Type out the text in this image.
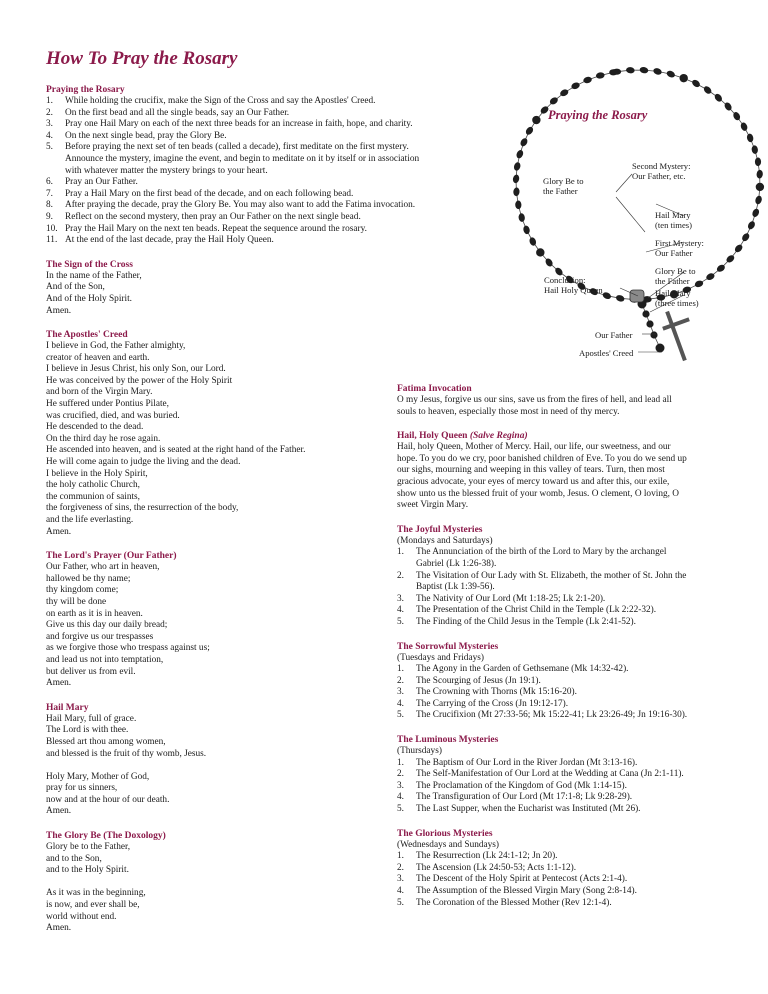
How To Pray the Rosary
Praying the Rosary
1.	While holding the crucifix, make the Sign of the Cross and say the Apostles' Creed.
2.	On the first bead and all the single beads, say an Our Father.
3.	Pray one Hail Mary on each of the next three beads for an increase in faith, hope, and charity.
4.	On the next single bead, pray the Glory Be.
5.	Before praying the next set of ten beads (called a decade), first meditate on the first mystery.
Announce the mystery, imagine the event, and begin to meditate on it by itself or in association
with whatever matter the mystery brings to your heart.
6.	Pray an Our Father.
7.	Pray a Hail Mary on the first bead of the decade, and on each following bead.
8.	After praying the decade, pray the Glory Be. You may also want to add the Fatima invocation.
9.	Reflect on the second mystery, then pray an Our Father on the next single bead.
10. Pray the Hail Mary on the next ten beads. Repeat the sequence around the rosary.
11. At the end of the last decade, pray the Hail Holy Queen.
The Sign of the Cross
In the name of the Father,
And of the Son,
And of the Holy Spirit.
Amen.
The Apostles' Creed
I believe in God, the Father almighty,
creator of heaven and earth.
I believe in Jesus Christ, his only Son, our Lord.
He was conceived by the power of the Holy Spirit
and born of the Virgin Mary.
He suffered under Pontius Pilate,
was crucified, died, and was buried.
He descended to the dead.
On the third day he rose again.
He ascended into heaven, and is seated at the right hand of the Father.
He will come again to judge the living and the dead.
I believe in the Holy Spirit,
the holy catholic Church,
the communion of saints,
the forgiveness of sins, the resurrection of the body,
and the life everlasting.
Amen.
The Lord's Prayer (Our Father)
Our Father, who art in heaven,
hallowed be thy name;
thy kingdom come;
thy will be done
on earth as it is in heaven.
Give us this day our daily bread;
and forgive us our trespasses
as we forgive those who trespass against us;
and lead us not into temptation,
but deliver us from evil.
Amen.
Hail Mary
Hail Mary, full of grace.
The Lord is with thee.
Blessed art thou among women,
and blessed is the fruit of thy womb, Jesus.
Holy Mary, Mother of God,
pray for us sinners,
now and at the hour of our death.
Amen.
The Glory Be (The Doxology)
Glory be to the Father,
and to the Son,
and to the Holy Spirit.
As it was in the beginning,
is now, and ever shall be,
world without end.
Amen.
Praying the Rosary
Glory Be to
the Father
Second Mystery:
Our Father, etc.
Hail Mary
(ten times)
First Mystery:
Our Father
Conclusion:
Hail Holy Queen
Glory Be to
the Father
Hail Mary
(three times)
Our Father
Apostles' Creed
Fatima Invocation
O my Jesus, forgive us our sins, save us from the fires of hell, and lead all
souls to heaven, especially those most in need of thy mercy.
Hail, Holy Queen (Salve Regina)
Hail, holy Queen, Mother of Mercy. Hail, our life, our sweetness, and our
hope. To you do we cry, poor banished children of Eve. To you do we send up
our sighs, mourning and weeping in this valley of tears. Turn, then most
gracious advocate, your eyes of mercy toward us and after this, our exile,
show unto us the blessed fruit of your womb, Jesus. O clement, O loving, O
sweet Virgin Mary.
The Joyful Mysteries
(Mondays and Saturdays)
1.	The Annunciation of the birth of the Lord to Mary by the archangel
Gabriel (Lk 1:26-38).
2.	The Visitation of Our Lady with St. Elizabeth, the mother of St. John the
Baptist (Lk 1:39-56).
3.	The Nativity of Our Lord (Mt 1:18-25; Lk 2:1-20).
4.	The Presentation of the Christ Child in the Temple (Lk 2:22-32).
5.	The Finding of the Child Jesus in the Temple (Lk 2:41-52).
The Sorrowful Mysteries
(Tuesdays and Fridays)
1.	The Agony in the Garden of Gethsemane (Mk 14:32-42).
2.	The Scourging of Jesus (Jn 19:1).
3.	The Crowning with Thorns (Mk 15:16-20).
4.	The Carrying of the Cross (Jn 19:12-17).
5.	The Crucifixion (Mt 27:33-56; Mk 15:22-41; Lk 23:26-49; Jn 19:16-30).
The Luminous Mysteries
(Thursdays)
1.	The Baptism of Our Lord in the River Jordan (Mt 3:13-16).
2.	The Self-Manifestation of Our Lord at the Wedding at Cana (Jn 2:1-11).
3.	The Proclamation of the Kingdom of God (Mk 1:14-15).
4.	The Transfiguration of Our Lord (Mt 17:1-8; Lk 9:28-29).
5.	The Last Supper, when the Eucharist was Instituted (Mt 26).
The Glorious Mysteries
(Wednesdays and Sundays)
1.	The Resurrection (Lk 24:1-12; Jn 20).
2.	The Ascension (Lk 24:50-53; Acts 1:1-12).
3.	The Descent of the Holy Spirit at Pentecost (Acts 2:1-4).
4.	The Assumption of the Blessed Virgin Mary (Song 2:8-14).
5.	The Coronation of the Blessed Mother (Rev 12:1-4).
